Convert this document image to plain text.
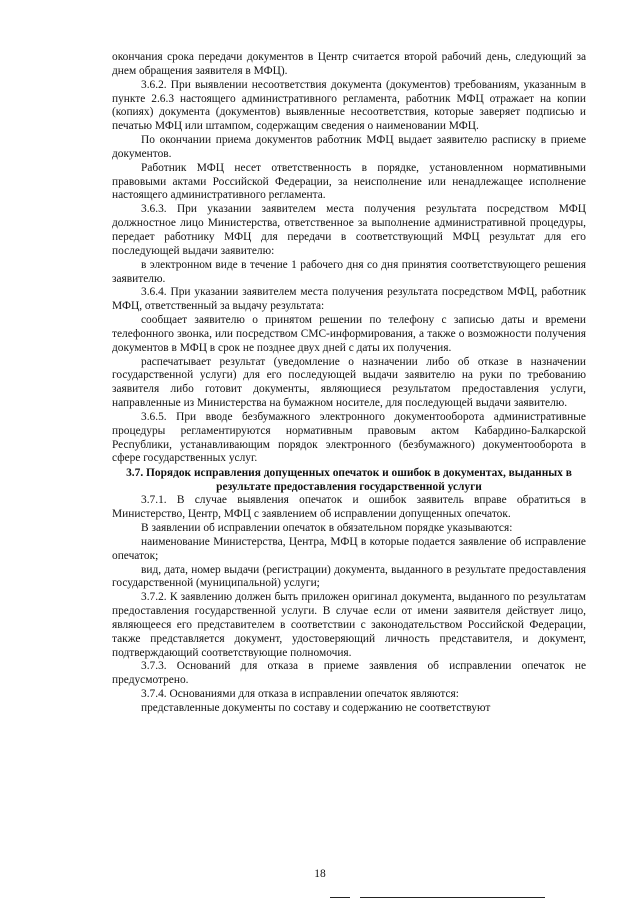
окончания срока передачи документов в Центр считается второй рабочий день, следующий за днем обращения заявителя в МФЦ).

3.6.2. При выявлении несоответствия документа (документов) требованиям, указанным в пункте 2.6.3 настоящего административного регламента, работник МФЦ отражает на копии (копиях) документа (документов) выявленные несоответствия, которые заверяет подписью и печатью МФЦ или штампом, содержащим сведения о наименовании МФЦ.

По окончании приема документов работник МФЦ выдает заявителю расписку в приеме документов.

Работник МФЦ несет ответственность в порядке, установленном нормативными правовыми актами Российской Федерации, за неисполнение или ненадлежащее исполнение настоящего административного регламента.

3.6.3. При указании заявителем места получения результата посредством МФЦ должностное лицо Министерства, ответственное за выполнение административной процедуры, передает работнику МФЦ для передачи в соответствующий МФЦ результат для его последующей выдачи заявителю:

в электронном виде в течение 1 рабочего дня со дня принятия соответствующего решения заявителю.

3.6.4. При указании заявителем места получения результата посредством МФЦ, работник МФЦ, ответственный за выдачу результата:

сообщает заявителю о принятом решении по телефону с записью даты и времени телефонного звонка, или посредством СМС-информирования, а также о возможности получения документов в МФЦ в срок не позднее двух дней с даты их получения.

распечатывает результат (уведомление о назначении либо об отказе в назначении государственной услуги) для его последующей выдачи заявителю на руки по требованию заявителя либо готовит документы, являющиеся результатом предоставления услуги, направленные из Министерства на бумажном носителе, для последующей выдачи заявителю.

3.6.5. При вводе безбумажного электронного документооборота административные процедуры регламентируются нормативным правовым актом Кабардино-Балкарской Республики, устанавливающим порядок электронного (безбумажного) документооборота в сфере государственных услуг.

3.7. Порядок исправления допущенных опечаток и ошибок в документах, выданных в результате предоставления государственной услуги

3.7.1. В случае выявления опечаток и ошибок заявитель вправе обратиться в Министерство, Центр, МФЦ с заявлением об исправлении допущенных опечаток.

В заявлении об исправлении опечаток в обязательном порядке указываются:

наименование Министерства, Центра, МФЦ в которые подается заявление об исправление опечаток;

вид, дата, номер выдачи (регистрации) документа, выданного в результате предоставления государственной (муниципальной) услуги;

3.7.2. К заявлению должен быть приложен оригинал документа, выданного по результатам предоставления государственной услуги. В случае если от имени заявителя действует лицо, являющееся его представителем в соответствии с законодательством Российской Федерации, также представляется документ, удостоверяющий личность представителя, и документ, подтверждающий соответствующие полномочия.

3.7.3. Оснований для отказа в приеме заявления об исправлении опечаток не предусмотрено.

3.7.4. Основаниями для отказа в исправлении опечаток являются:

представленные документы по составу и содержанию не соответствуют

18
